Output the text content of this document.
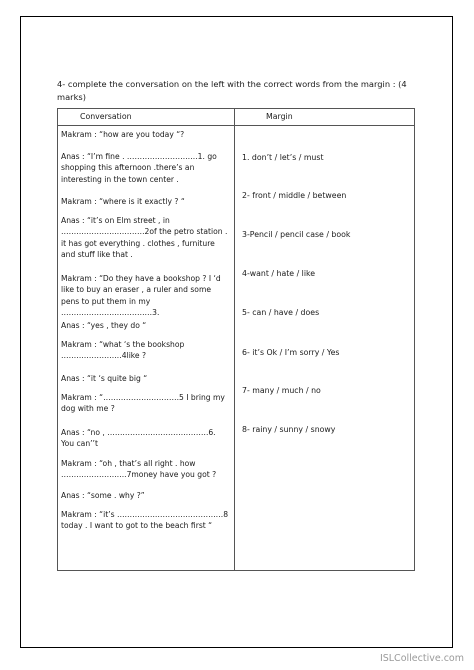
4- complete the conversation on the left with the correct words from the margin : (4 marks)
Conversation	Margin
Makram : “how are you today “?
Anas : “I’m fine . ……………………….1. go shopping this afternoon .there’s an interesting in the town center .
Makram : “where is it exactly ? “
Anas : “it’s on Elm street , in ……………………………2of the petro station . it has got everything . clothes , furniture and stuff like that .
Makram : “Do they have a bookshop ? I ‘d like to buy an eraser , a ruler and some pens to put them in my ………………………………3.
Anas : “yes , they do “
Makram : “what ‘s the bookshop ……………………4like ?
Anas : “it ‘s quite big “
Makram : “…………………………5 I bring my dog with me ?
Anas : “no , ………………………………….6. You can’’t
Makram : “oh , that’s all right . how ……………………..7money have you got ?
Anas : “some . why ?”
Makram : “it’s ……………………………………8 today . I want to got to the beach first “
1. don’t / let’s / must
2- front / middle / between
3-Pencil / pencil case / book
4-want / hate / like
5- can / have / does
6- it’s Ok / I’m sorry / Yes
7- many / much / no
8- rainy / sunny / snowy
ISLCollective.com
